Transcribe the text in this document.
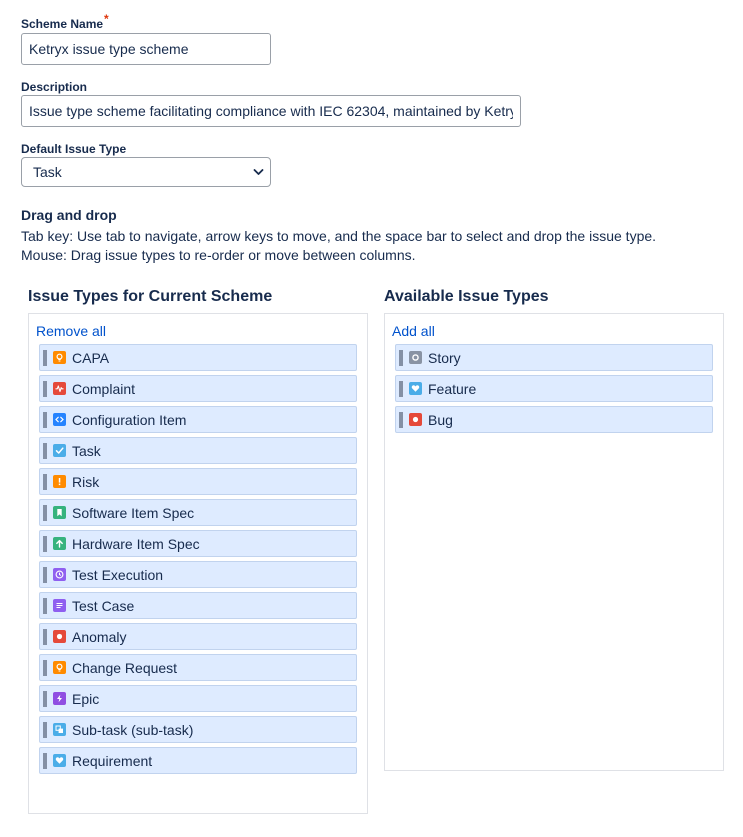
Scheme Name*
Ketryx issue type scheme
Description
Issue type scheme facilitating compliance with IEC 62304, maintained by Ketryx
Default Issue Type
Task
Drag and drop
Tab key: Use tab to navigate, arrow keys to move, and the space bar to select and drop the issue type.
Mouse: Drag issue types to re-order or move between columns.
Issue Types for Current Scheme
Remove all
CAPA
Complaint
Configuration Item
Task
Risk
Software Item Spec
Hardware Item Spec
Test Execution
Test Case
Anomaly
Change Request
Epic
Sub-task (sub-task)
Requirement
Available Issue Types
Add all
Story
Feature
Bug
